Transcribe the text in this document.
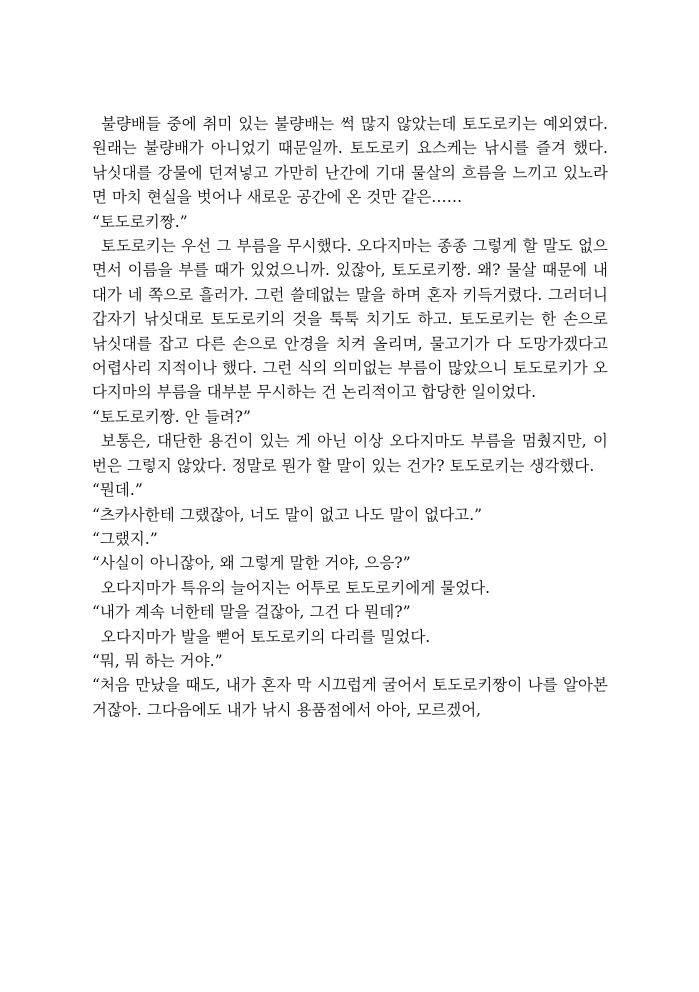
불량배들 중에 취미 있는 불량배는 썩 많지 않았는데 토도로키는 예외였다. 원래는 불량배가 아니었기 때문일까. 토도로키 요스케는 낚시를 즐겨 했다. 낚싯대를 강물에 던져넣고 가만히 난간에 기대 물살의 흐름을 느끼고 있노라면 마치 현실을 벗어나 새로운 공간에 온 것만 같은……

“토도로키짱.”

토도로키는 우선 그 부름을 무시했다. 오다지마는 종종 그렇게 할 말도 없으면서 이름을 부를 때가 있었으니까. 있잖아, 토도로키짱. 왜? 물살 때문에 내 대가 네 쪽으로 흘러가. 그런 쓸데없는 말을 하며 혼자 키득거렸다. 그러더니 갑자기 낚싯대로 토도로키의 것을 툭툭 치기도 하고. 토도로키는 한 손으로 낚싯대를 잡고 다른 손으로 안경을 치켜 올리며, 물고기가 다 도망가겠다고 어렵사리 지적이나 했다. 그런 식의 의미없는 부름이 많았으니 토도로키가 오다지마의 부름을 대부분 무시하는 건 논리적이고 합당한 일이었다.

“토도로키짱. 안 들려?”

보통은, 대단한 용건이 있는 게 아닌 이상 오다지마도 부름을 멈췄지만, 이번은 그렇지 않았다. 정말로 뭔가 할 말이 있는 건가? 토도로키는 생각했다.

“뭔데.”

“츠카사한테 그랬잖아, 너도 말이 없고 나도 말이 없다고.”

“그랬지.”

“사실이 아니잖아, 왜 그렇게 말한 거야, 으응?”

오다지마가 특유의 늘어지는 어투로 토도로키에게 물었다.

“내가 계속 너한테 말을 걸잖아, 그건 다 뭔데?”

오다지마가 발을 뻗어 토도로키의 다리를 밀었다.

“뭐, 뭐 하는 거야.”

“처음 만났을 때도, 내가 혼자 막 시끄럽게 굴어서 토도로키짱이 나를 알아본 거잖아. 그다음에도 내가 낚시 용품점에서 아아, 모르겠어,
